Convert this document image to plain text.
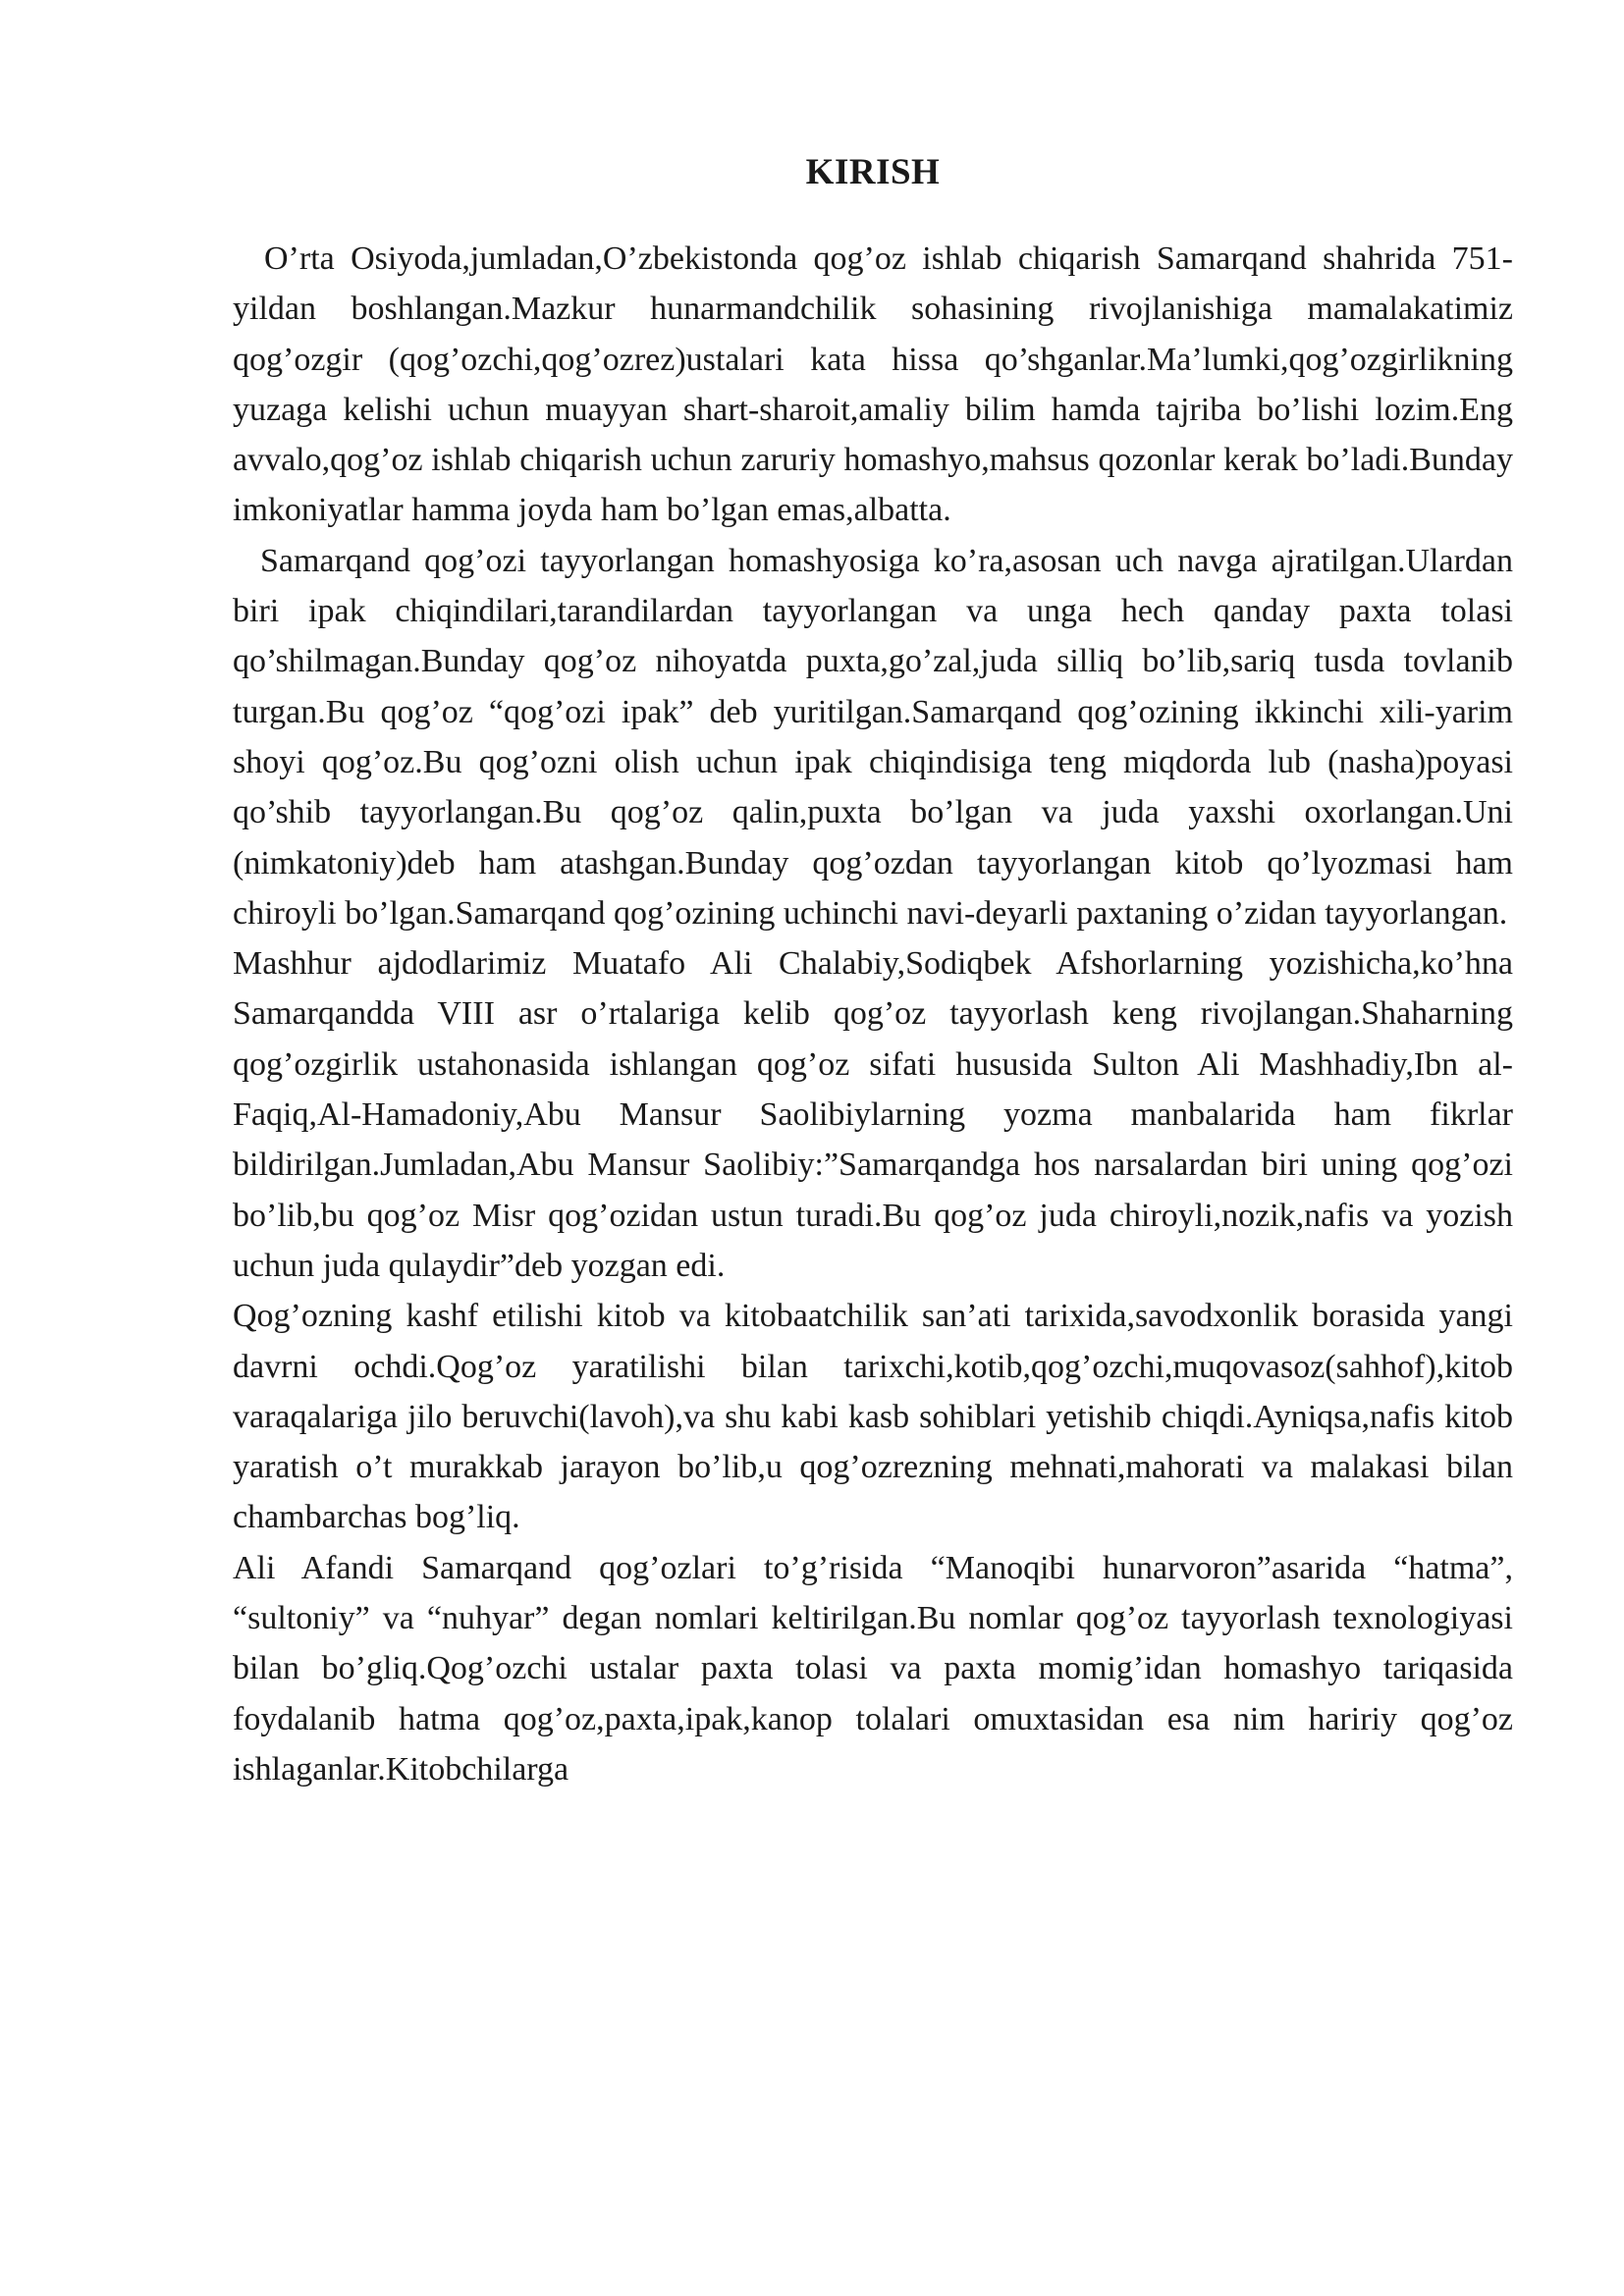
KIRISH

O’rta Osiyoda,jumladan,O’zbekistonda qog’oz ishlab chiqarish Samarqand shahrida 751-yildan boshlangan.Mazkur hunarmandchilik sohasining rivojlanishiga mamalakatimiz qog’ozgir (qog’ozchi,qog’ozrez)ustalari kata hissa qo’shganlar.Ma’lumki,qog’ozgirlikning yuzaga kelishi uchun muayyan shart-sharoit,amaliy bilim hamda tajriba bo’lishi lozim.Eng avvalo,qog’oz ishlab chiqarish uchun zaruriy homashyo,mahsus qozonlar kerak bo’ladi.Bunday imkoniyatlar hamma joyda ham bo’lgan emas,albatta.

Samarqand qog’ozi tayyorlangan homashyosiga ko’ra,asosan uch navga ajratilgan.Ulardan biri ipak chiqindilari,tarandilardan tayyorlangan va unga hech qanday paxta tolasi qo’shilmagan.Bunday qog’oz nihoyatda puxta,go’zal,juda silliq bo’lib,sariq tusda tovlanib turgan.Bu qog’oz “qog’ozi ipak” deb yuritilgan.Samarqand qog’ozining ikkinchi xili-yarim shoyi qog’oz.Bu qog’ozni olish uchun ipak chiqindisiga teng miqdorda lub (nasha)poyasi qo’shib tayyorlangan.Bu qog’oz qalin,puxta bo’lgan va juda yaxshi oxorlangan.Uni (nimkatoniy)deb ham atashgan.Bunday qog’ozdan tayyorlangan kitob qo’lyozmasi ham chiroyli bo’lgan.Samarqand qog’ozining uchinchi navi-deyarli paxtaning o’zidan tayyorlangan.

Mashhur ajdodlarimiz Muatafo Ali Chalabiy,Sodiqbek Afshorlarning yozishicha,ko’hna Samarqandda VIII asr o’rtalariga kelib qog’oz tayyorlash keng rivojlangan.Shaharning qog’ozgirlik ustahonasida ishlangan qog’oz sifati hususida Sulton Ali Mashhadiy,Ibn al-Faqiq,Al-Hamadoniy,Abu Mansur Saolibiylarning yozma manbalarida ham fikrlar bildirilgan.Jumladan,Abu Mansur Saolibiy:”Samarqandga hos narsalardan biri uning qog’ozi bo’lib,bu qog’oz Misr qog’ozidan ustun turadi.Bu qog’oz juda chiroyli,nozik,nafis va yozish uchun juda qulaydir”deb yozgan edi.

Qog’ozning kashf etilishi kitob va kitobaatchilik san’ati tarixida,savodxonlik borasida yangi davrni ochdi.Qog’oz yaratilishi bilan tarixchi,kotib,qog’ozchi,muqovasoz(sahhof),kitob varaqalariga jilo beruvchi(lavoh),va shu kabi kasb sohiblari yetishib chiqdi.Ayniqsa,nafis kitob yaratish o’t murakkab jarayon bo’lib,u qog’ozrezning mehnati,mahorati va malakasi bilan chambarchas bog’liq.

Ali Afandi Samarqand qog’ozlari to’g’risida “Manoqibi hunarvoron”asarida “hatma”, “sultoniy” va “nuhyar” degan nomlari keltirilgan.Bu nomlar qog’oz tayyorlash texnologiyasi bilan bo’gliq.Qog’ozchi ustalar paxta tolasi va paxta momig’idan homashyo tariqasida foydalanib hatma qog’oz,paxta,ipak,kanop tolalari omuxtasidan esa nim haririy qog’oz ishlaganlar.Kitobchilarga
